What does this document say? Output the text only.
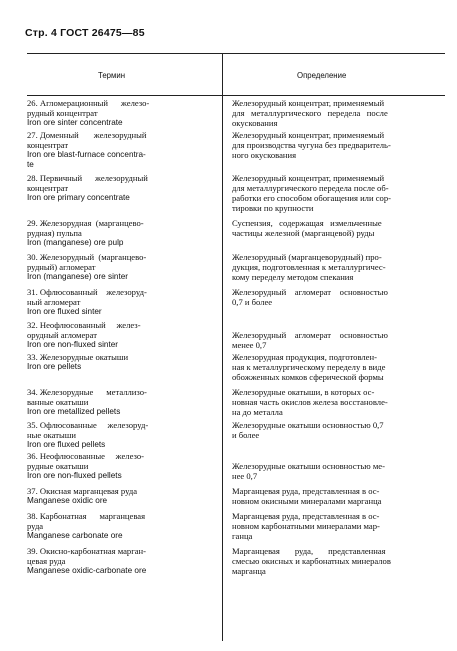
Стр. 4 ГОСТ 26475—85
Термин	Определение
26. Агломерационный      железо-
рудный концентрат
Iron ore sinter concentrate
Железорудный концентрат, применяемый
для   металлургического   передела   после
окускования
27. Доменный       железорудный
концентрат
Iron ore blast-furnace concentra-
te
Железорудный концентрат, применяемый
для производства чугуна без предваритель-
ного окускования
28. Первичный      железорудный
концентрат
Iron ore primary concentrate
Железорудный концентрат, применяемый
для металлургического передела после об-
работки его способом обогащения или сор-
тировки по крупности
29. Железорудная  (марганцево-
рудная) пульпа
Iron (manganese) ore pulp
Суспензия,   содержащая   измельченные
частицы железной (марганцевой) руды
30. Железорудный  (марганцево-
рудный) агломерат
Iron (manganese) ore sinter
Железорудный (марганцеворудный) про-
дукция, подготовленная к металлургичес-
кому переделу методом спекания
31. Офлюсованный    железоруд-
ный агломерат
Iron ore fluxed sinter
Железорудный    агломерат    основностью
0,7 и более
32. Неофлюсованный     желез-
орудный агломерат
Iron ore non-fluxed sinter
Железорудный    агломерат    основностью
менее 0,7
33. Железорудные окатыши
Iron ore pellets
Железорудная продукция, подготовлен-
ная к металлургическому переделу в виде
обожженных комков сферической формы
34. Железорудные      металлизо-
ванные окатыши
Iron ore metallized pellets
Железорудные окатыши, в которых ос-
новная часть окислов железа восстановле-
на до металла
35. Офлюсованные     железоруд-
ные окатыши
Iron ore fluxed pellets
Железорудные окатыши основностью 0,7
и более
36. Неофлюсованные     железо-
рудные окатыши
Iron ore non-fluxed pellets
Железорудные окатыши основностью ме-
нее 0,7
37. Окисная марганцевая руда
Manganese oxidic ore
Марганцевая руда, представленная в ос-
новном окисными минералами марганца
38. Карбонатная      марганцевая
руда
Manganese carbonate ore
Марганцевая руда, представленная в ос-
новном карбонатными минералами мар-
ганца
39. Окисно-карбонатная марган-
цевая руда
Manganese oxidic-carbonate ore
Марганцевая       руда,       представленная
смесью окисных и карбонатных минералов
марганца
